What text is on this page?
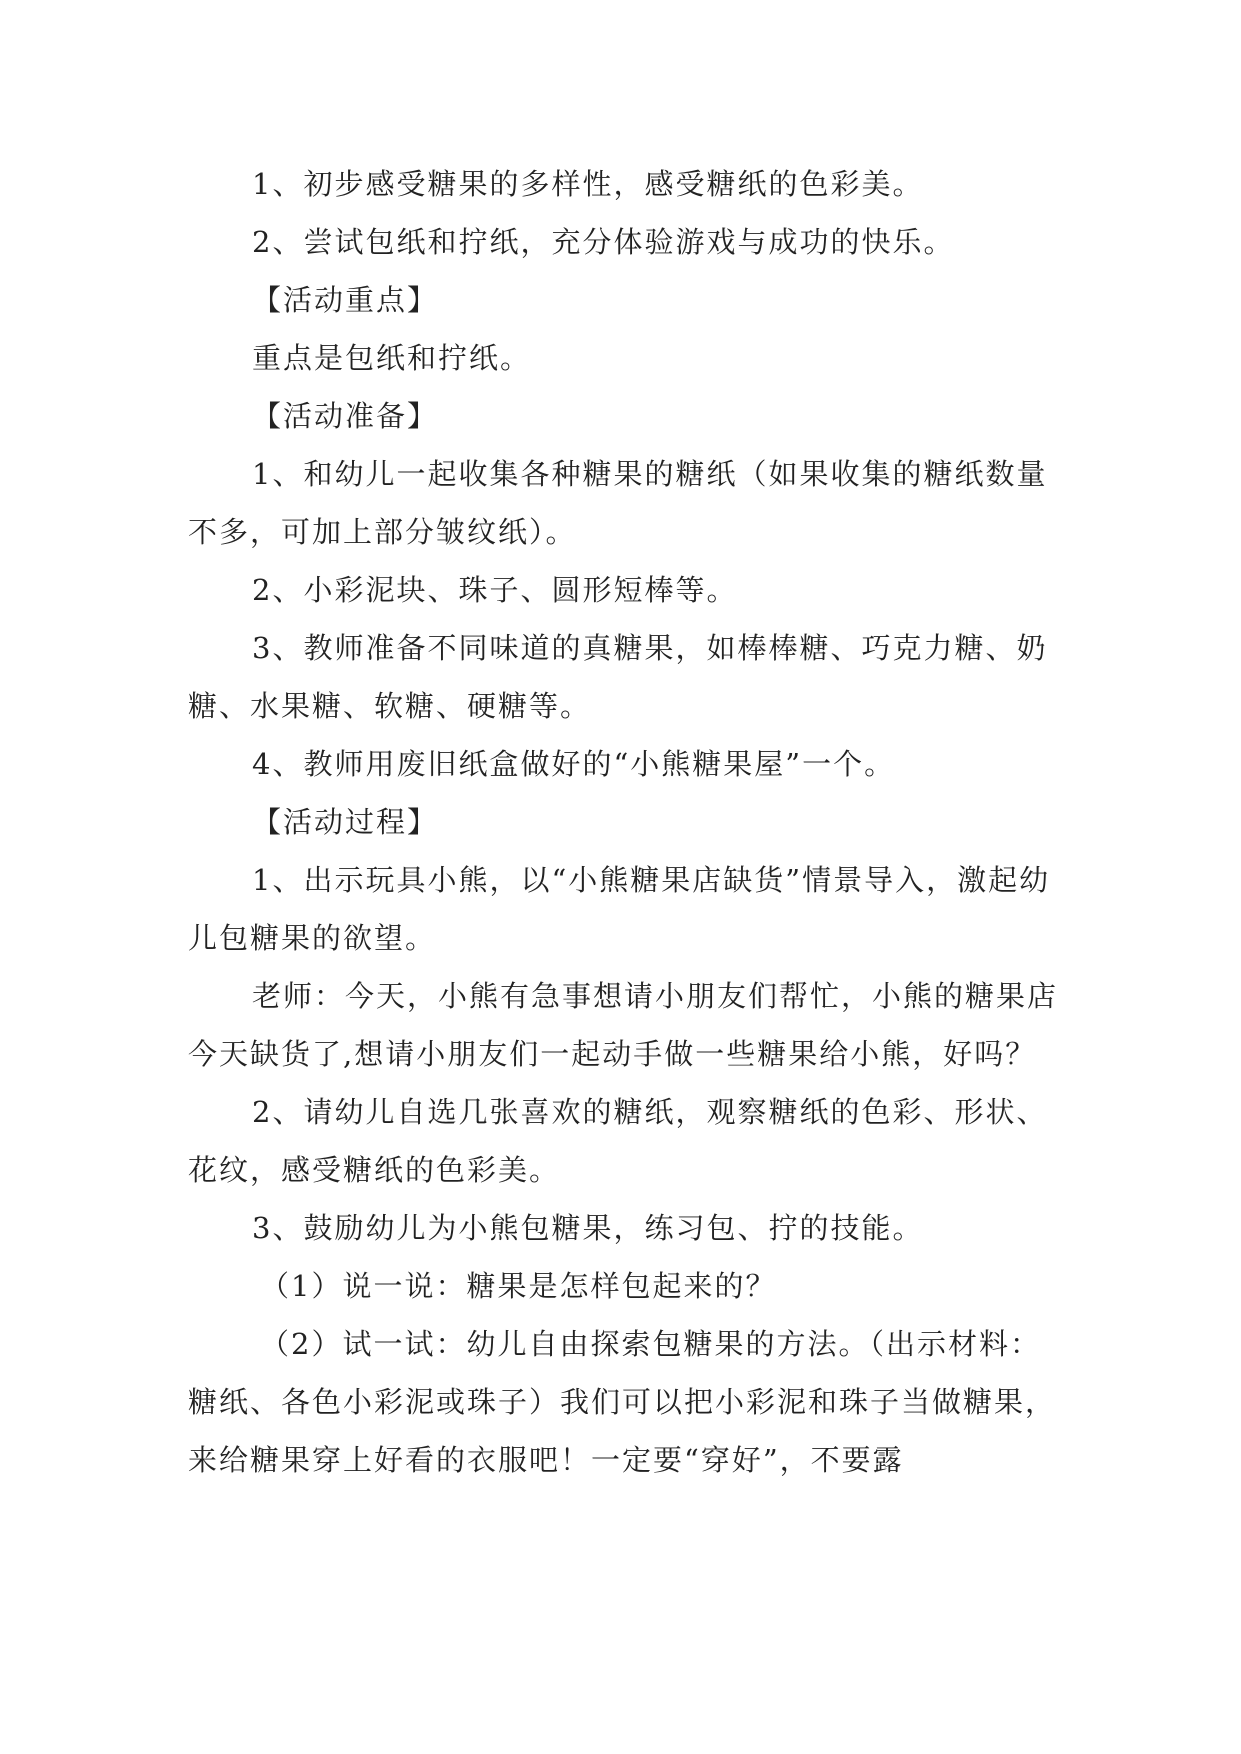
1、初步感受糖果的多样性，感受糖纸的色彩美。

2、尝试包纸和拧纸，充分体验游戏与成功的快乐。

【活动重点】

重点是包纸和拧纸。

【活动准备】

1、和幼儿一起收集各种糖果的糖纸（如果收集的糖纸数量不多，可加上部分皱纹纸）。

2、小彩泥块、珠子、圆形短棒等。

3、教师准备不同味道的真糖果，如棒棒糖、巧克力糖、奶糖、水果糖、软糖、硬糖等。

4、教师用废旧纸盒做好的“小熊糖果屋”一个。

【活动过程】

1、出示玩具小熊，以“小熊糖果店缺货”情景导入，激起幼儿包糖果的欲望。

老师：今天，小熊有急事想请小朋友们帮忙，小熊的糖果店今天缺货了,想请小朋友们一起动手做一些糖果给小熊，好吗？

2、请幼儿自选几张喜欢的糖纸，观察糖纸的色彩、形状、花纹，感受糖纸的色彩美。

3、鼓励幼儿为小熊包糖果，练习包、拧的技能。

（1）说一说：糖果是怎样包起来的？

（2）试一试：幼儿自由探索包糖果的方法。（出示材料：糖纸、各色小彩泥或珠子）我们可以把小彩泥和珠子当做糖果，来给糖果穿上好看的衣服吧！一定要“穿好”，不要露
